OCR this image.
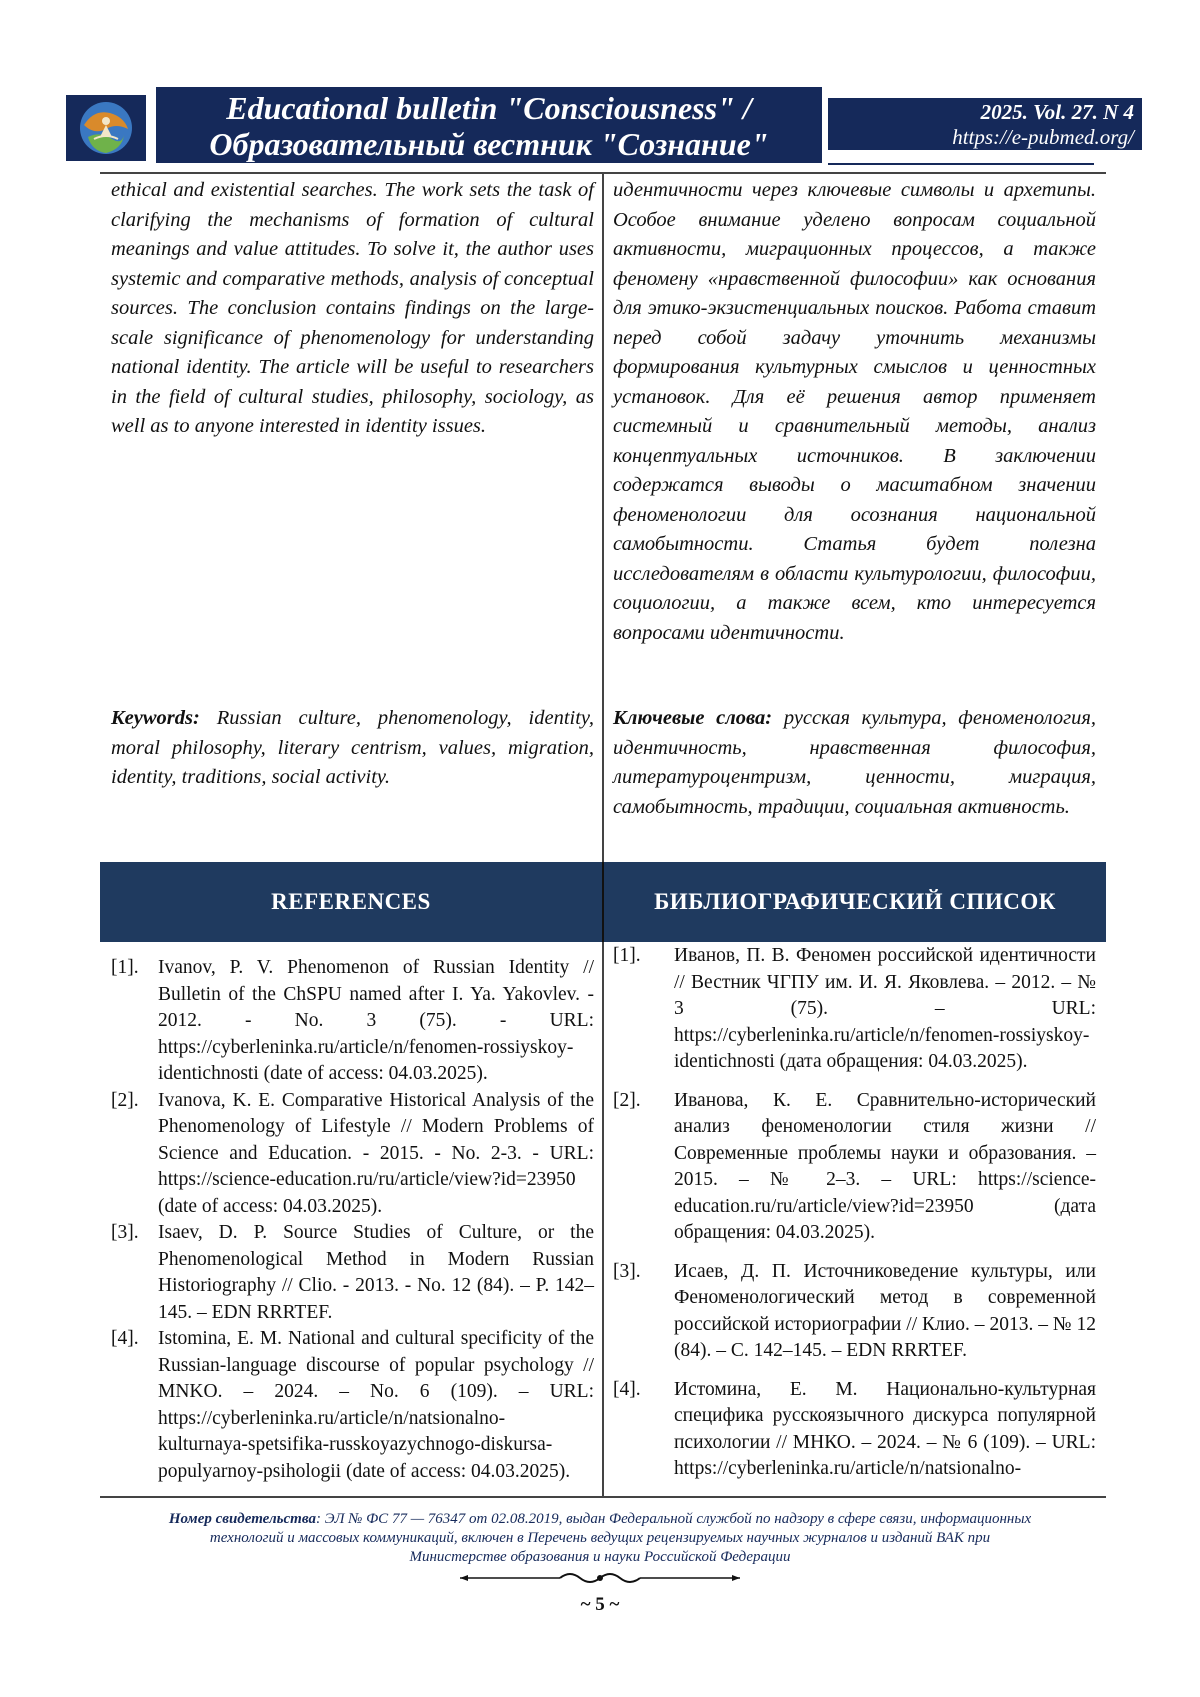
Educational bulletin "Consciousness" /
Образовательный вестник "Сознание"
2025. Vol. 27. N 4
https://e-pubmed.org/
ethical and existential searches. The work sets the task of clarifying the mechanisms of formation of cultural meanings and value attitudes. To solve it, the author uses systemic and comparative methods, analysis of conceptual sources. The conclusion contains findings on the large-scale significance of phenomenology for understanding national identity. The article will be useful to researchers in the field of cultural studies, philosophy, sociology, as well as to anyone interested in identity issues.
идентичности через ключевые символы и архетипы. Особое внимание уделено вопросам социальной активности, миграционных процессов, а также феномену «нравственной философии» как основания для этико-экзистенциальных поисков. Работа ставит перед собой задачу уточнить механизмы формирования культурных смыслов и ценностных установок. Для её решения автор применяет системный и сравнительный методы, анализ концептуальных источников. В заключении содержатся выводы о масштабном значении феноменологии для осознания национальной самобытности. Статья будет полезна исследователям в области культурологии, философии, социологии, а также всем, кто интересуется вопросами идентичности.
Keywords: Russian culture, phenomenology, identity, moral philosophy, literary centrism, values, migration, identity, traditions, social activity.
Ключевые слова: русская культура, феноменология, идентичность, нравственная философия, литературоцентризм, ценности, миграция, самобытность, традиции, социальная активность.
REFERENCES	БИБЛИОГРАФИЧЕСКИЙ СПИСОК
[1]. Ivanov, P. V. Phenomenon of Russian Identity // Bulletin of the ChSPU named after I. Ya. Yakovlev. - 2012. - No. 3 (75). - URL: https://cyberleninka.ru/article/n/fenomen-rossiyskoy-identichnosti (date of access: 04.03.2025).
[2]. Ivanova, K. E. Comparative Historical Analysis of the Phenomenology of Lifestyle // Modern Problems of Science and Education. - 2015. - No. 2-3. - URL: https://science-education.ru/ru/article/view?id=23950 (date of access: 04.03.2025).
[3]. Isaev, D. P. Source Studies of Culture, or the Phenomenological Method in Modern Russian Historiography // Clio. - 2013. - No. 12 (84). – P. 142–145. – EDN RRRTEF.
[4]. Istomina, E. M. National and cultural specificity of the Russian-language discourse of popular psychology // MNKO. – 2024. – No. 6 (109). – URL: https://cyberleninka.ru/article/n/natsionalno-kulturnaya-spetsifika-russkoyazychnogo-diskursa-populyarnoy-psihologii (date of access: 04.03.2025).
[1]. Иванов, П. В. Феномен российской идентичности // Вестник ЧГПУ им. И. Я. Яковлева. – 2012. – № 3 (75). – URL: https://cyberleninka.ru/article/n/fenomen-rossiyskoy-identichnosti (дата обращения: 04.03.2025).
[2]. Иванова, К. Е. Сравнительно-исторический анализ феноменологии стиля жизни // Современные проблемы науки и образования. – 2015. – № 2–3. – URL: https://science-education.ru/ru/article/view?id=23950 (дата обращения: 04.03.2025).
[3]. Исаев, Д. П. Источниковедение культуры, или Феноменологический метод в современной российской историографии // Клио. – 2013. – № 12 (84). – С. 142–145. – EDN RRRTEF.
[4]. Истомина, Е. М. Национально-культурная специфика русскоязычного дискурса популярной психологии // МНКО. – 2024. – № 6 (109). – URL: https://cyberleninka.ru/article/n/natsionalno-
Номер свидетельства: ЭЛ № ФС 77 — 76347 от 02.08.2019, выдан Федеральной службой по надзору в сфере связи, информационных технологий и массовых коммуникаций, включен в Перечень ведущих рецензируемых научных журналов и изданий ВАК при Министерстве образования и науки Российской Федерации
~ 5 ~
